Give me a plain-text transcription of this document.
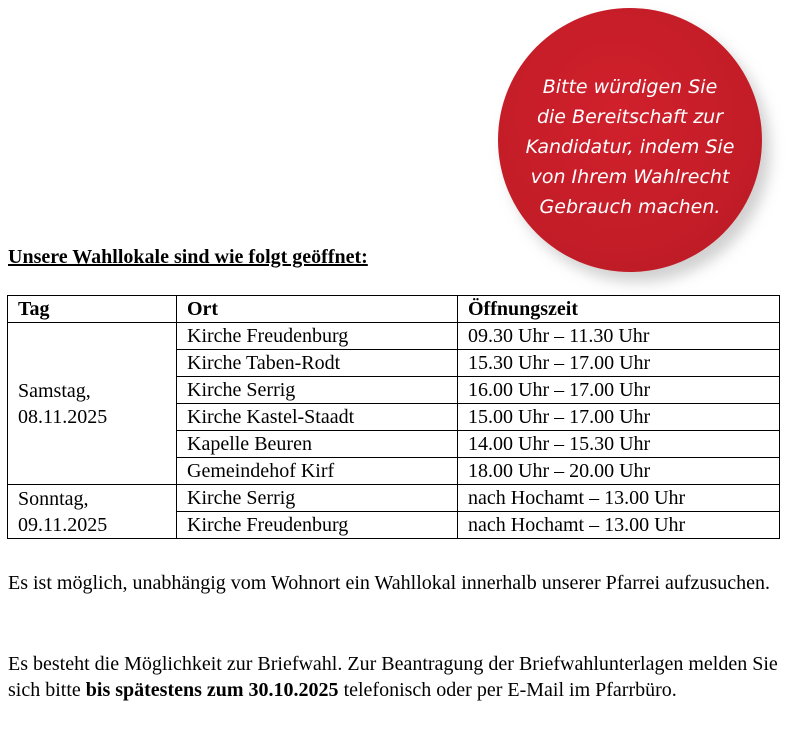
Bitte würdigen Sie
die Bereitschaft zur
Kandidatur, indem Sie
von Ihrem Wahlrecht
Gebrauch machen.
Unsere Wahllokale sind wie folgt geöffnet:
Tag	Ort	Öffnungszeit

Samstag,
08.11.2025	Kirche Freudenburg	09.30 Uhr – 11.30 Uhr
	Kirche Taben-Rodt	15.30 Uhr – 17.00 Uhr
	Kirche Serrig	16.00 Uhr – 17.00 Uhr
	Kirche Kastel-Staadt	15.00 Uhr – 17.00 Uhr
	Kapelle Beuren	14.00 Uhr – 15.30 Uhr
	Gemeindehof Kirf	18.00 Uhr – 20.00 Uhr

Sonntag,
09.11.2025	Kirche Serrig	nach Hochamt – 13.00 Uhr
	Kirche Freudenburg	nach Hochamt – 13.00 Uhr
Es ist möglich, unabhängig vom Wohnort ein Wahllokal innerhalb unserer Pfarrei aufzusuchen.
Es besteht die Möglichkeit zur Briefwahl. Zur Beantragung der Briefwahlunterlagen melden Sie sich bitte bis spätestens zum 30.10.2025 telefonisch oder per E-Mail im Pfarrbüro.
